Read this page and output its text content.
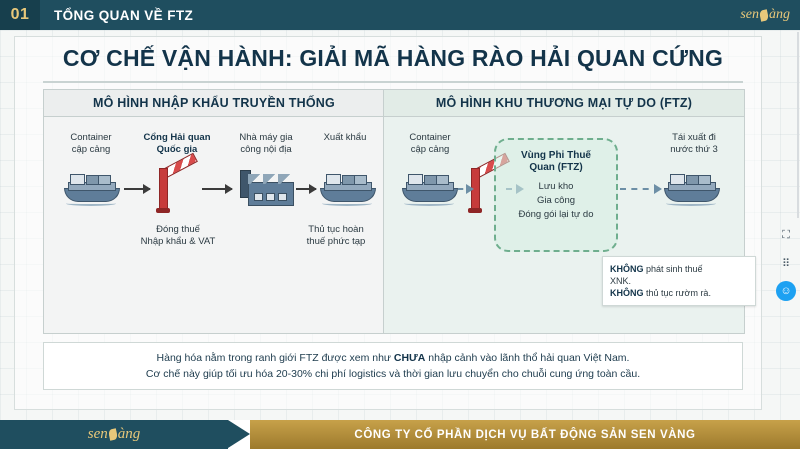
01	TỔNG QUAN VỀ FTZ	sen àng
CƠ CHẾ VẬN HÀNH: GIẢI MÃ HÀNG RÀO HẢI QUAN CỨNG
MÔ HÌNH NHẬP KHẨU TRUYỀN THỐNG
Container
cập cảng
Cổng Hải quan
Quốc gia
Nhà máy gia
công nội địa
Xuất khẩu
Đóng thuế
Nhập khẩu & VAT
Thủ tục hoàn
thuế phức tạp
MÔ HÌNH KHU THƯƠNG MẠI TỰ DO (FTZ)
Container
cập cảng
Tái xuất đi
nước thứ 3
Vùng Phi Thuế
Quan (FTZ)
Lưu kho
Gia công
Đóng gói lại tự do
KHÔNG phát sinh thuế
XNK.
KHÔNG thủ tục rườm rà.
Hàng hóa nằm trong ranh giới FTZ được xem như CHƯA nhập cảnh vào lãnh thổ hải quan Việt Nam.
Cơ chế này giúp tối ưu hóa 20-30% chi phí logistics và thời gian lưu chuyển cho chuỗi cung ứng toàn cầu.
⛶
⠿
☺
sen àng	CÔNG TY CỔ PHẦN DỊCH VỤ BẤT ĐỘNG SẢN SEN VÀNG
